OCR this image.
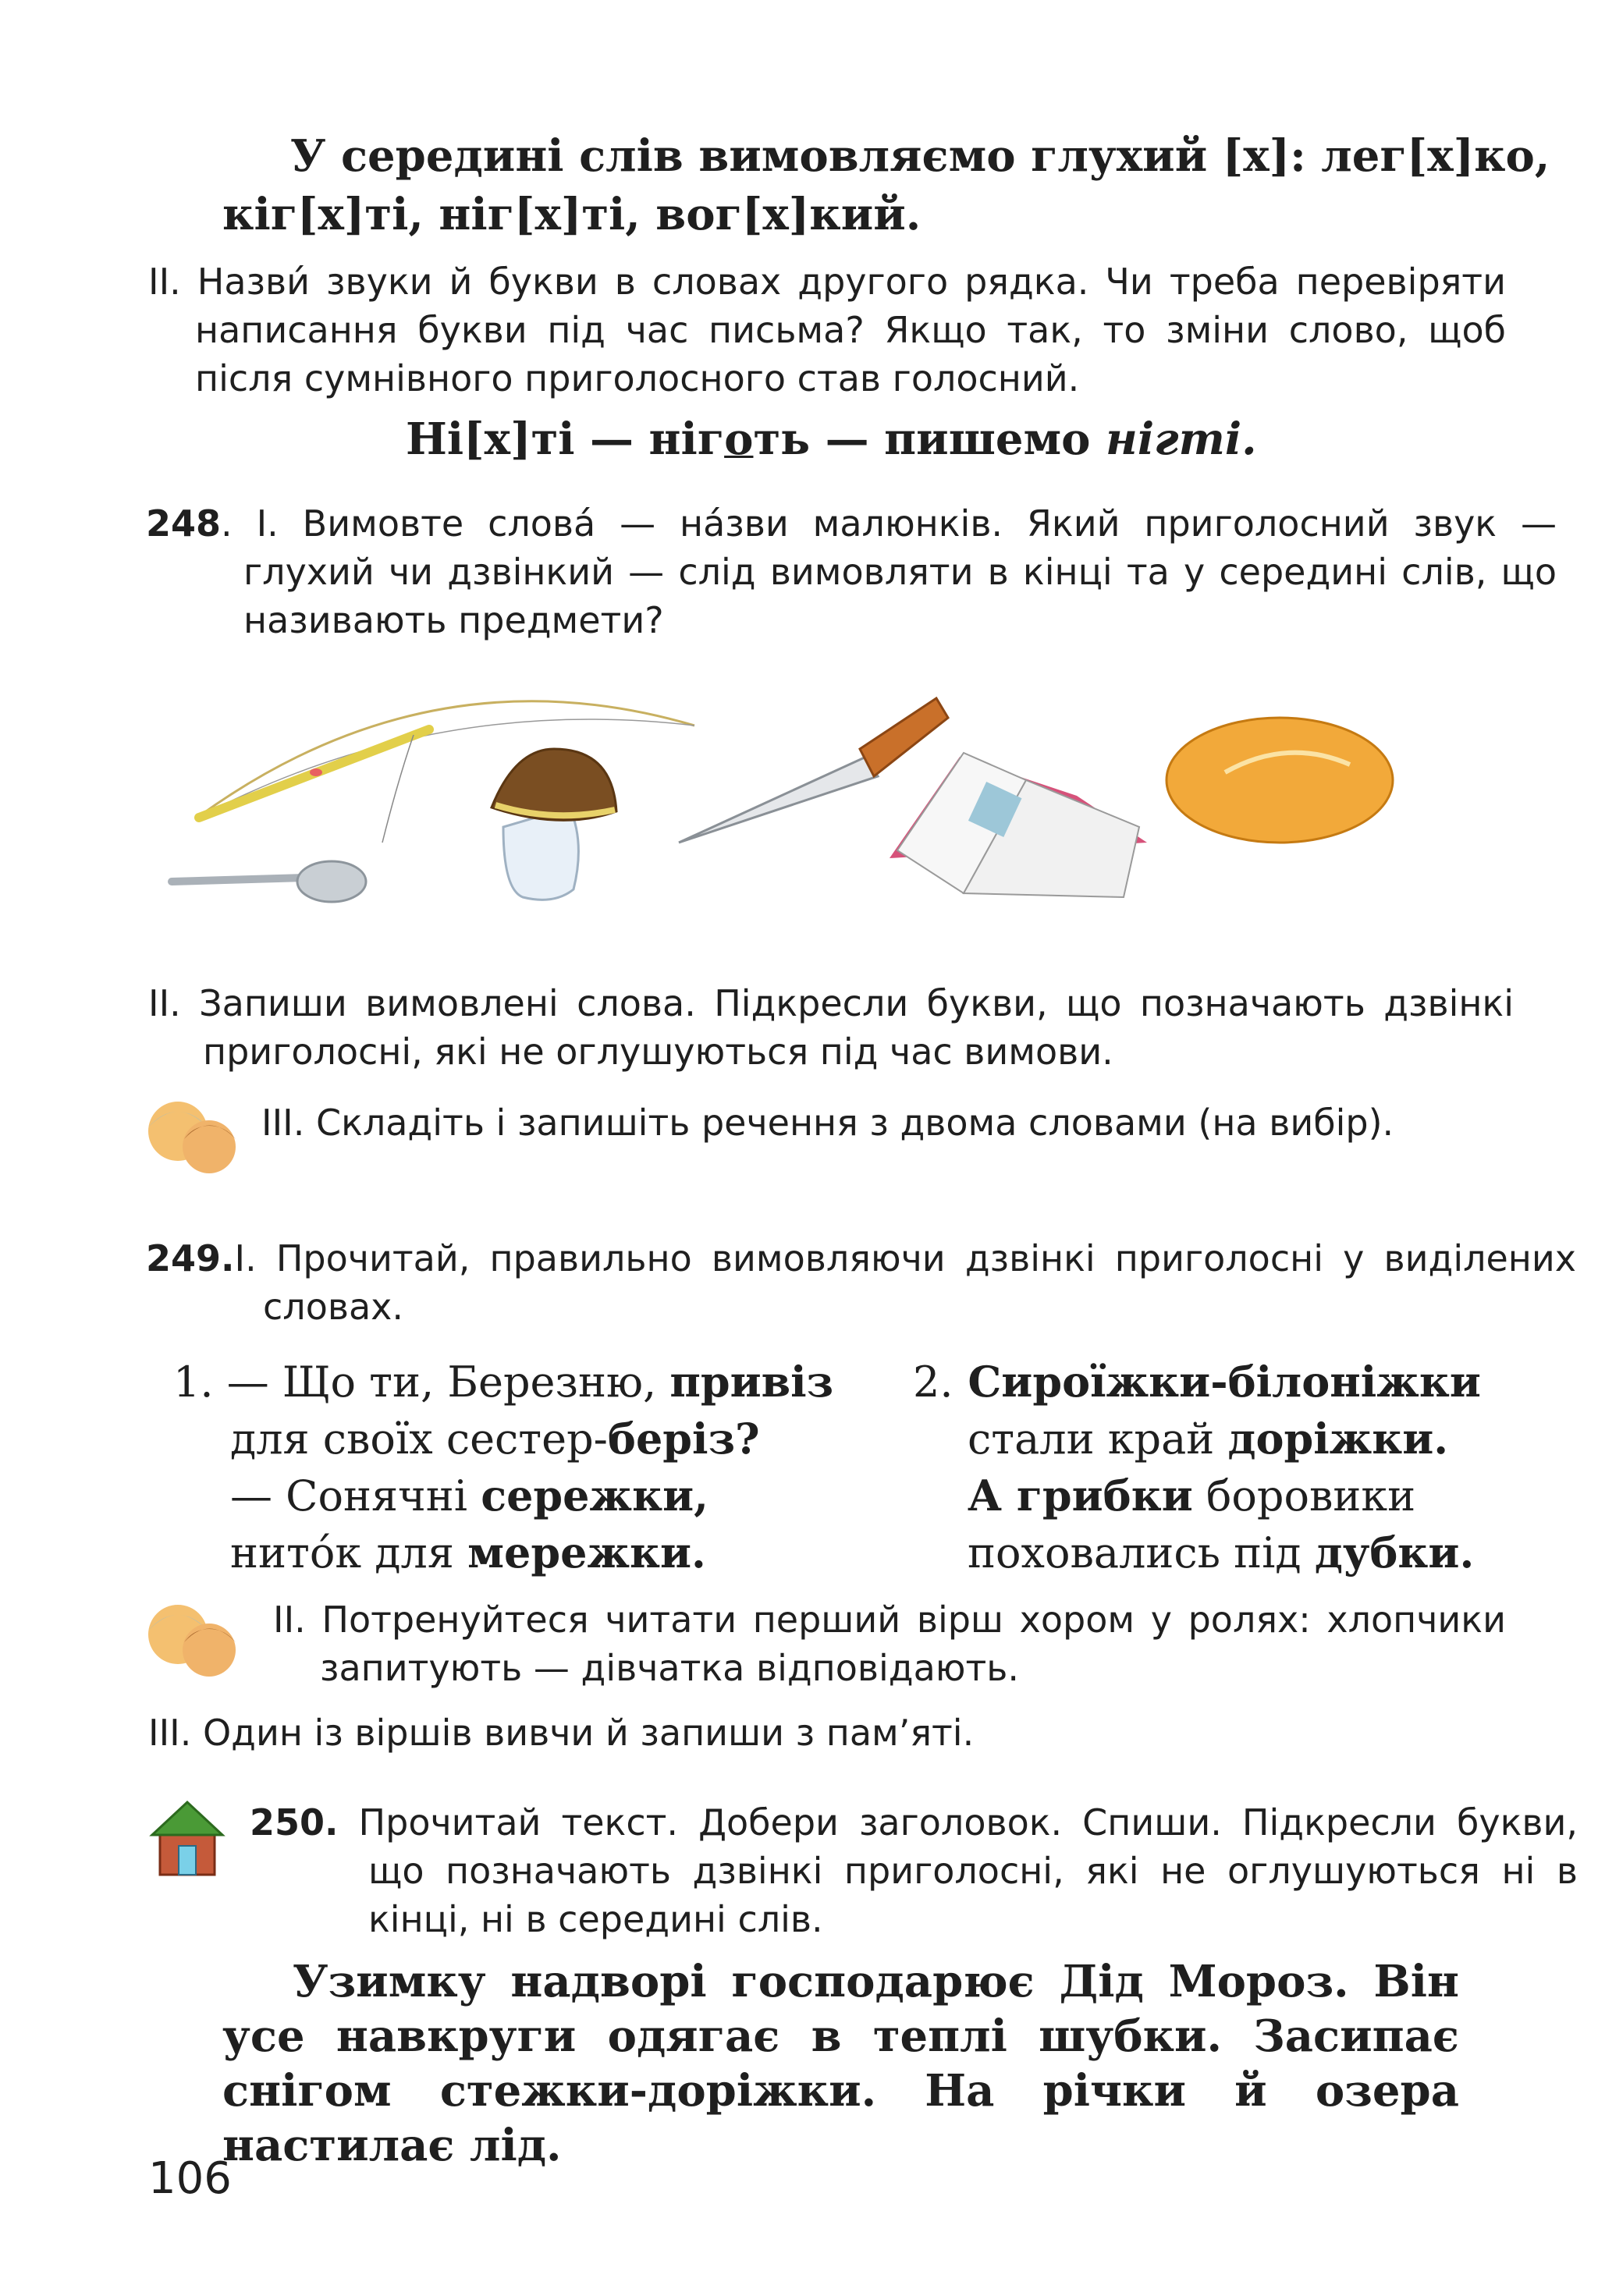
У середині слів вимовляємо глухий [х]: лег[х]ко,
кіг[х]ті, ніг[х]ті, вог[х]кий.
ІІ. Назви́ звуки й букви в словах другого рядка. Чи треба перевіряти написання букви під час письма? Якщо так, то зміни слово, щоб після сумнівного приголосного став голосний.
Ні[х]ті — ніготь — пишемо нігті.
248. І. Вимовте слова́ — на́зви малюнків. Який приголосний звук — глухий чи дзвінкий — слід вимовляти в кінці та у середині слів, що називають предмети?
ІІ. Запиши вимовлені слова. Підкресли букви, що позначають дзвінкі приголосні, які не оглушуються під час вимови.
ІІІ. Складіть і запишіть речення з двома словами (на вибір).
249.І. Прочитай, правильно вимовляючи дзвінкі приголосні у виділених словах.
1. — Що ти, Березню, привіз
для своїх сестер-беріз?
— Сонячні сережки,
нито́к для мережки.
2. Сироїжки-білоніжки
стали край доріжки.
А грибки боровики
поховались під дубки.
ІІ. Потренуйтеся читати перший вірш хором у ролях: хлопчики запитують — дівчатка відповідають.
ІІІ. Один із віршів вивчи й запиши з пам’яті.
250. Прочитай текст. Добери заголовок. Спиши. Підкресли букви, що позначають дзвінкі приголосні, які не оглушуються ні в кінці, ні в середині слів.
Узимку надворі господарює Дід Мороз. Він усе навкруги одягає в теплі шубки. Засипає снігом стежки-доріжки. На річки й озера настилає лід.
106
